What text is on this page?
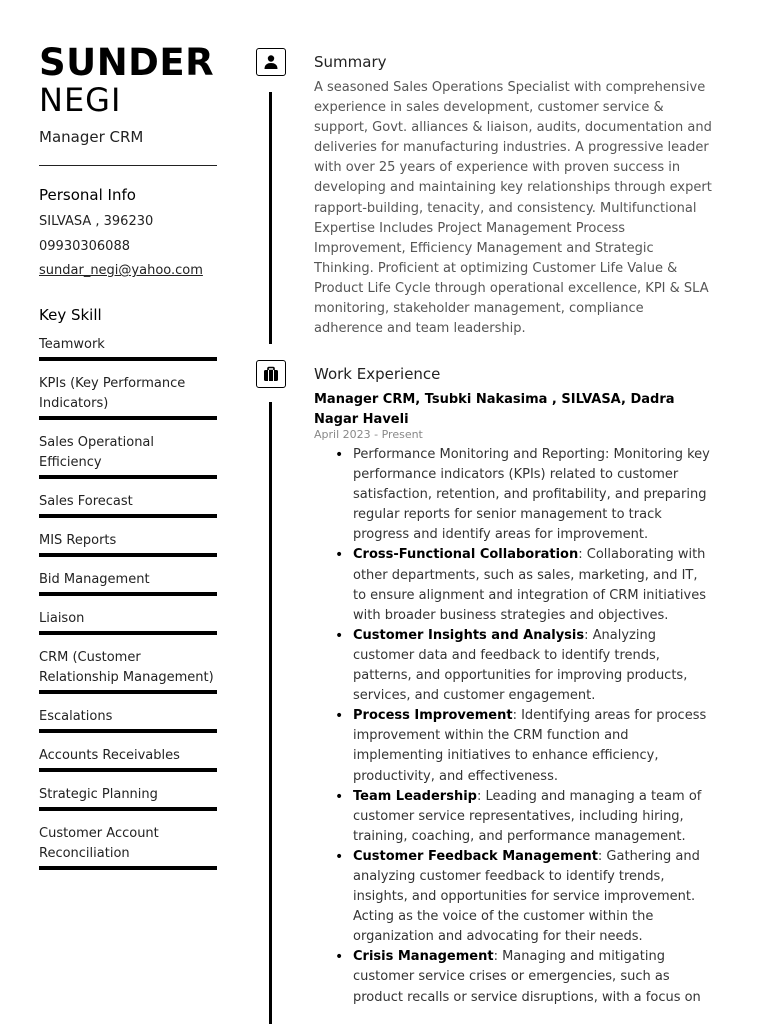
SUNDER
NEGI
Manager CRM
Personal Info
SILVASA , 396230
09930306088
sundar_negi@yahoo.com
Key Skill
Teamwork
KPIs (Key Performance Indicators)
Sales Operational Efficiency
Sales Forecast
MIS Reports
Bid Management
Liaison
CRM (Customer Relationship Management)
Escalations
Accounts Receivables
Strategic Planning
Customer Account Reconciliation
Summary
A seasoned Sales Operations Specialist with comprehensive experience in sales development, customer service & support, Govt. alliances & liaison, audits, documentation and deliveries for manufacturing industries. A progressive leader with over 25 years of experience with proven success in developing and maintaining key relationships through expert rapport-building, tenacity, and consistency. Multifunctional Expertise Includes Project Management Process Improvement, Efficiency Management and Strategic Thinking. Proficient at optimizing Customer Life Value & Product Life Cycle through operational excellence, KPI & SLA monitoring, stakeholder management, compliance adherence and team leadership.
Work Experience
Manager CRM, Tsubki Nakasima , SILVASA, Dadra Nagar Haveli
April 2023 - Present
• Performance Monitoring and Reporting: Monitoring key performance indicators (KPIs) related to customer satisfaction, retention, and profitability, and preparing regular reports for senior management to track progress and identify areas for improvement.
• Cross-Functional Collaboration: Collaborating with other departments, such as sales, marketing, and IT, to ensure alignment and integration of CRM initiatives with broader business strategies and objectives.
• Customer Insights and Analysis: Analyzing customer data and feedback to identify trends, patterns, and opportunities for improving products, services, and customer engagement.
• Process Improvement: Identifying areas for process improvement within the CRM function and implementing initiatives to enhance efficiency, productivity, and effectiveness.
• Team Leadership: Leading and managing a team of customer service representatives, including hiring, training, coaching, and performance management.
• Customer Feedback Management: Gathering and analyzing customer feedback to identify trends, insights, and opportunities for service improvement. Acting as the voice of the customer within the organization and advocating for their needs.
• Crisis Management: Managing and mitigating customer service crises or emergencies, such as product recalls or service disruptions, with a focus on
